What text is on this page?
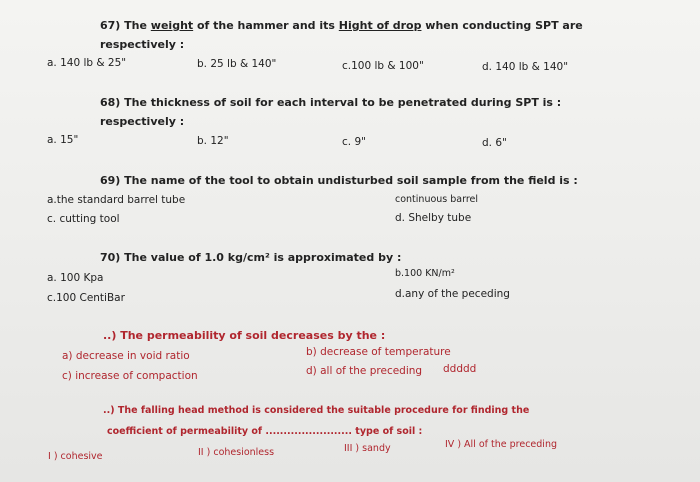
67) The weight of the hammer and its Hight of drop when conducting SPT are
respectively :
a. 140 lb & 25"	b. 25 lb & 140"	c.100 lb & 100"	d. 140 lb & 140"
68) The thickness of soil for each interval to be penetrated during SPT is :
respectively :
a. 15"	b. 12"	c. 9"	d. 6"
69) The name of the tool to obtain undisturbed soil sample from the field is :
a.the standard barrel tube	continuous barrel
c. cutting tool	d. Shelby tube
70) The value of 1.0 kg/cm² is approximated by :
a. 100 Kpa	b.100 KN/m²
c.100 CentiBar	d.any of the peceding
..) The permeability of soil decreases by the :
a) decrease in void ratio	b) decrease of temperature
c) increase of compaction	d) all of the preceding ddddd
..) The falling head method is considered the suitable procedure for finding the
coefficient of permeability of ........................ type of soil :
I ) cohesive	II ) cohesionless	III ) sandy	IV ) All of the preceding
